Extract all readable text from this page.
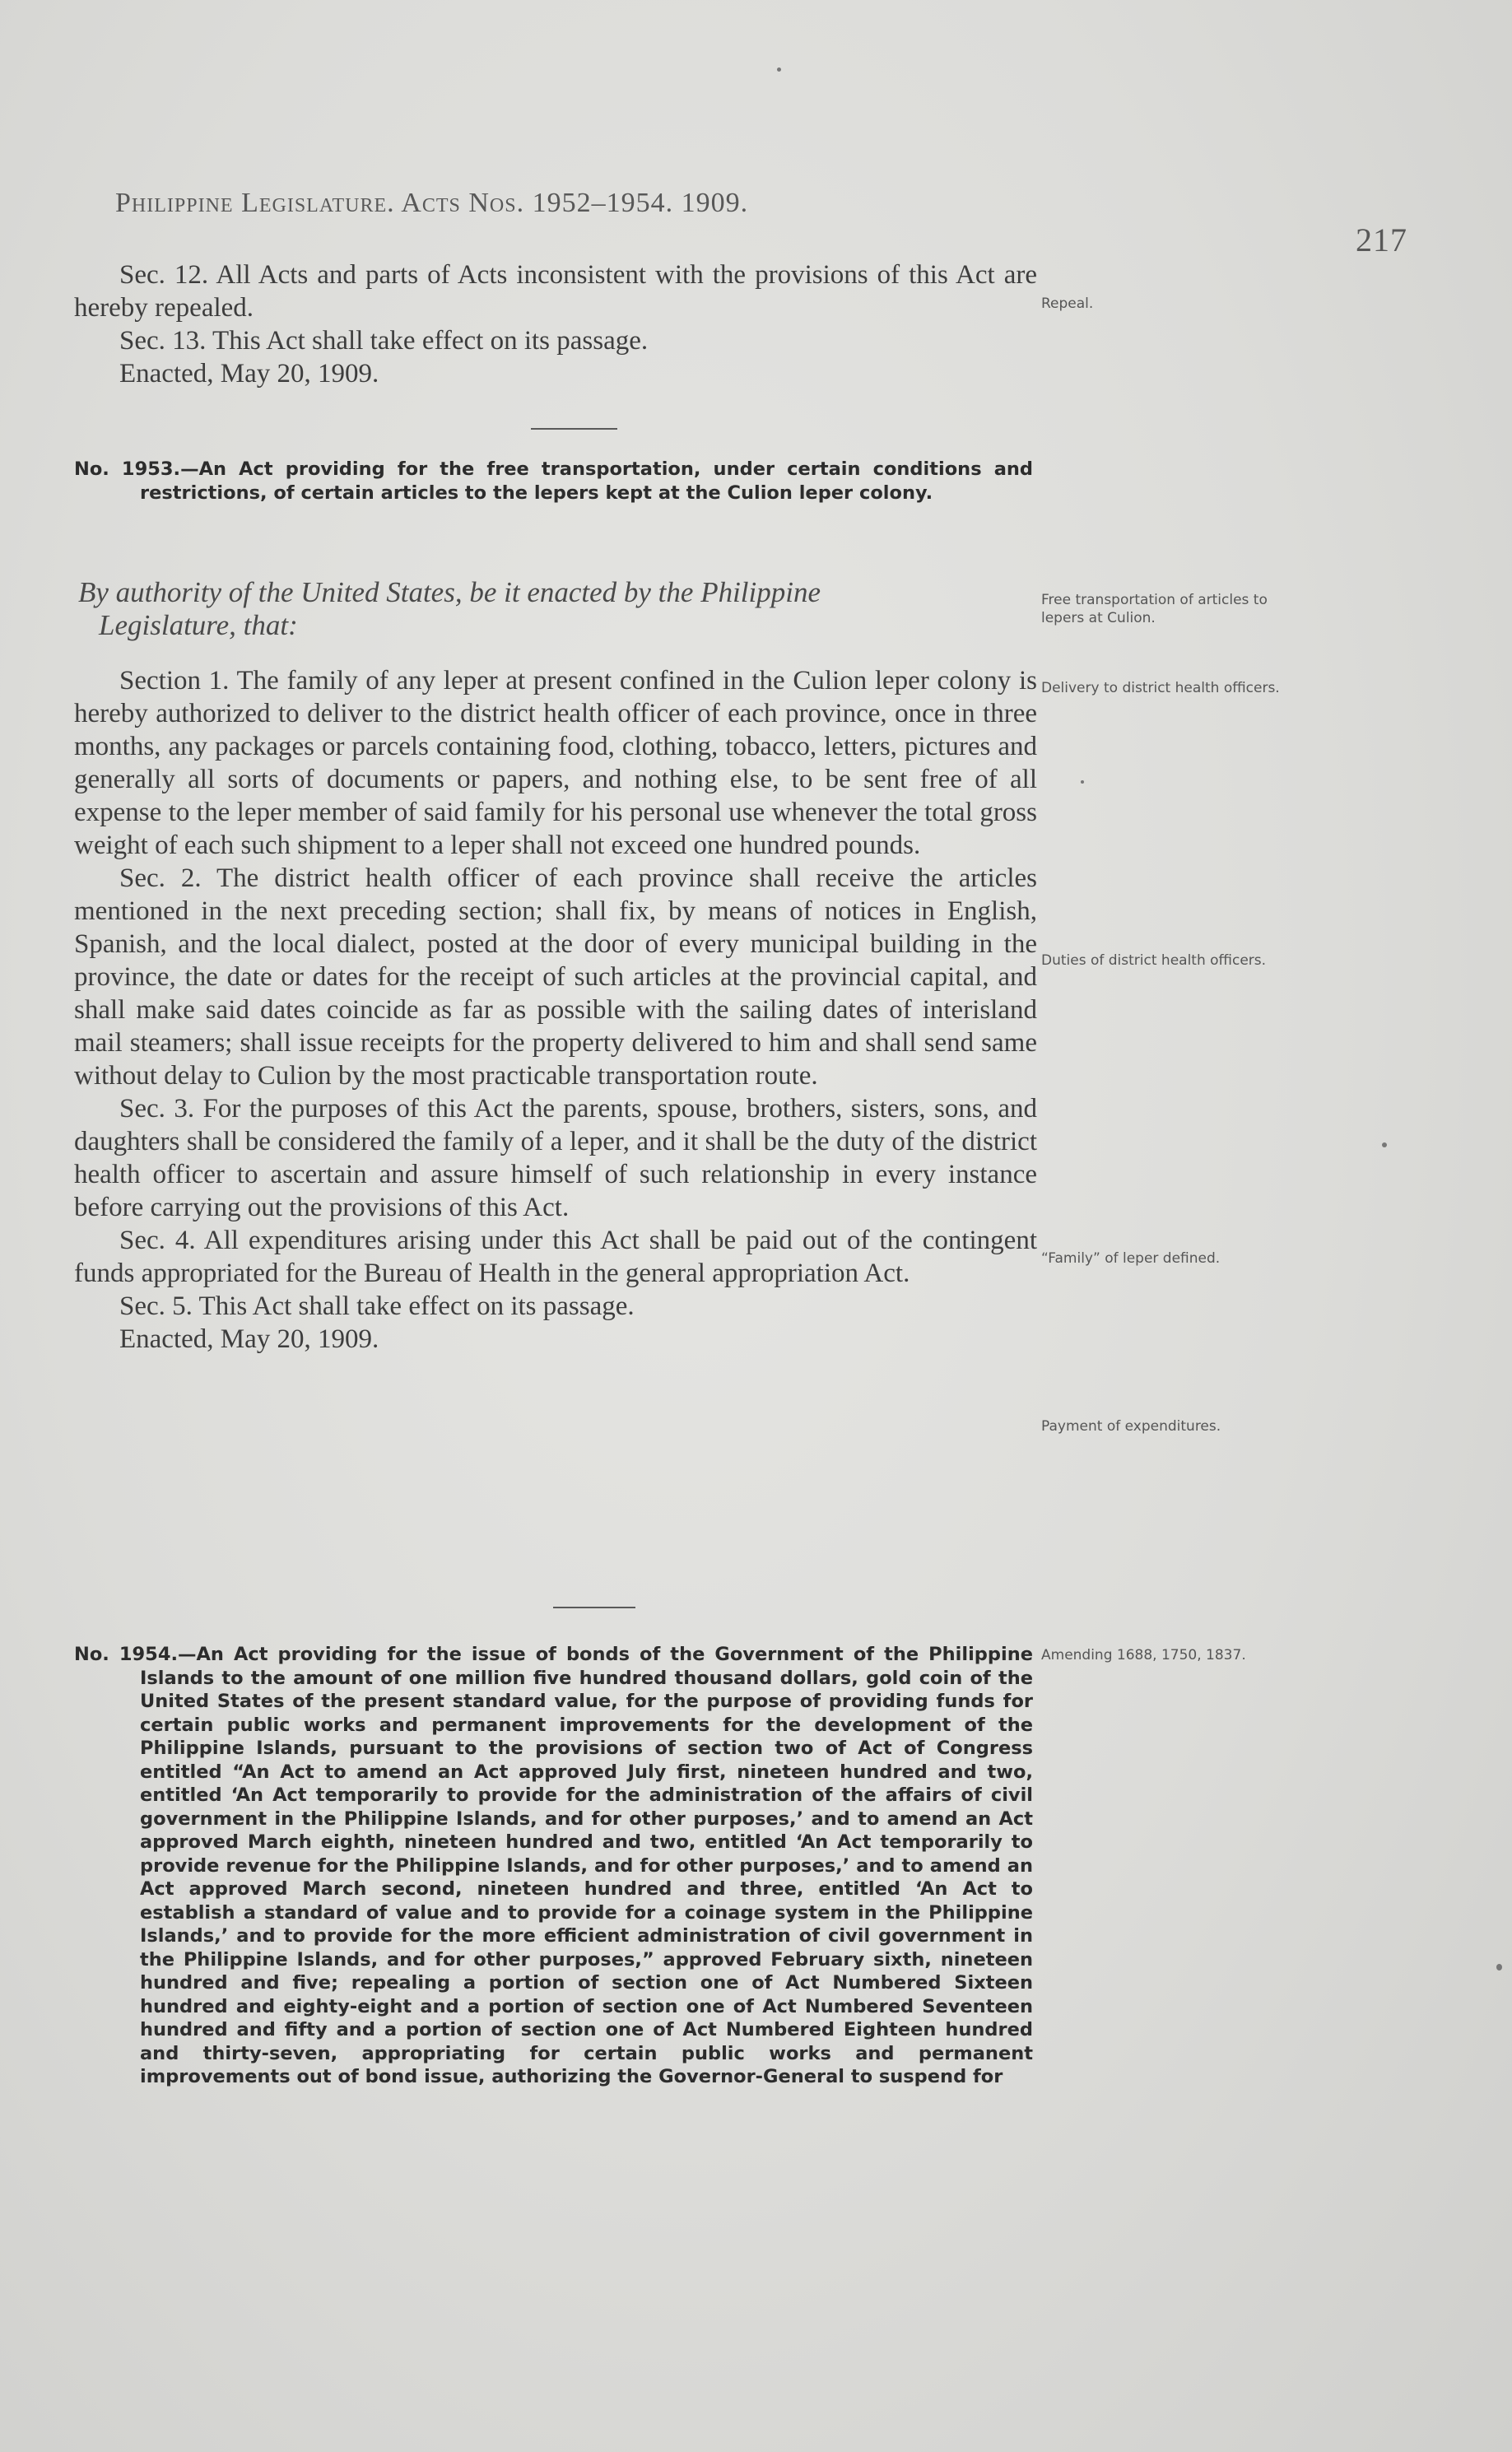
Philippine Legislature. Acts Nos. 1952–1954. 1909.
217

Sec. 12. All Acts and parts of Acts inconsistent with the provisions of this Act are hereby repealed.

Sec. 13. This Act shall take effect on its passage.

Enacted, May 20, 1909.

Repeal.
No. 1953.—An Act providing for the free transportation, under certain conditions and restrictions, of certain articles to the lepers kept at the Culion leper colony.
By authority of the United States, be it enacted by the Philippine
Legislature, that:
Free transportation of articles to lepers at Culion.

Section 1. The family of any leper at present confined in the Culion leper colony is hereby authorized to deliver to the district health officer of each province, once in three months, any packages or parcels containing food, clothing, tobacco, letters, pictures and generally all sorts of documents or papers, and nothing else, to be sent free of all expense to the leper member of said family for his personal use whenever the total gross weight of each such shipment to a leper shall not exceed one hundred pounds.

Sec. 2. The district health officer of each province shall receive the articles mentioned in the next preceding section; shall fix, by means of notices in English, Spanish, and the local dialect, posted at the door of every municipal building in the province, the date or dates for the receipt of such articles at the provincial capital, and shall make said dates coincide as far as possible with the sailing dates of interisland mail steamers; shall issue receipts for the property delivered to him and shall send same without delay to Culion by the most practicable transportation route.

Sec. 3. For the purposes of this Act the parents, spouse, brothers, sisters, sons, and daughters shall be considered the family of a leper, and it shall be the duty of the district health officer to ascertain and assure himself of such relationship in every instance before carrying out the provisions of this Act.

Sec. 4. All expenditures arising under this Act shall be paid out of the contingent funds appropriated for the Bureau of Health in the general appropriation Act.

Sec. 5. This Act shall take effect on its passage.

Enacted, May 20, 1909.

Delivery to district health officers.
Duties of district health officers.
“Family” of leper defined.
Payment of expenditures.
No. 1954.—An Act providing for the issue of bonds of the Government of the Philippine Islands to the amount of one million five hundred thousand dollars, gold coin of the United States of the present standard value, for the purpose of providing funds for certain public works and permanent improvements for the development of the Philippine Islands, pursuant to the provisions of section two of Act of Congress entitled “An Act to amend an Act approved July first, nineteen hundred and two, entitled ‘An Act temporarily to provide for the administration of the affairs of civil government in the Philippine Islands, and for other purposes,’ and to amend an Act approved March eighth, nineteen hundred and two, entitled ‘An Act temporarily to provide revenue for the Philippine Islands, and for other purposes,’ and to amend an Act approved March second, nineteen hundred and three, entitled ‘An Act to establish a standard of value and to provide for a coinage system in the Philippine Islands,’ and to provide for the more efficient administration of civil government in the Philippine Islands, and for other purposes,” approved February sixth, nineteen hundred and five; repealing a portion of section one of Act Numbered Sixteen hundred and eighty-eight and a portion of section one of Act Numbered Seventeen hundred and fifty and a portion of section one of Act Numbered Eighteen hundred and thirty-seven, appropriating for certain public works and permanent improvements out of bond issue, authorizing the Governor-General to suspend for
Amending 1688, 1750, 1837.
